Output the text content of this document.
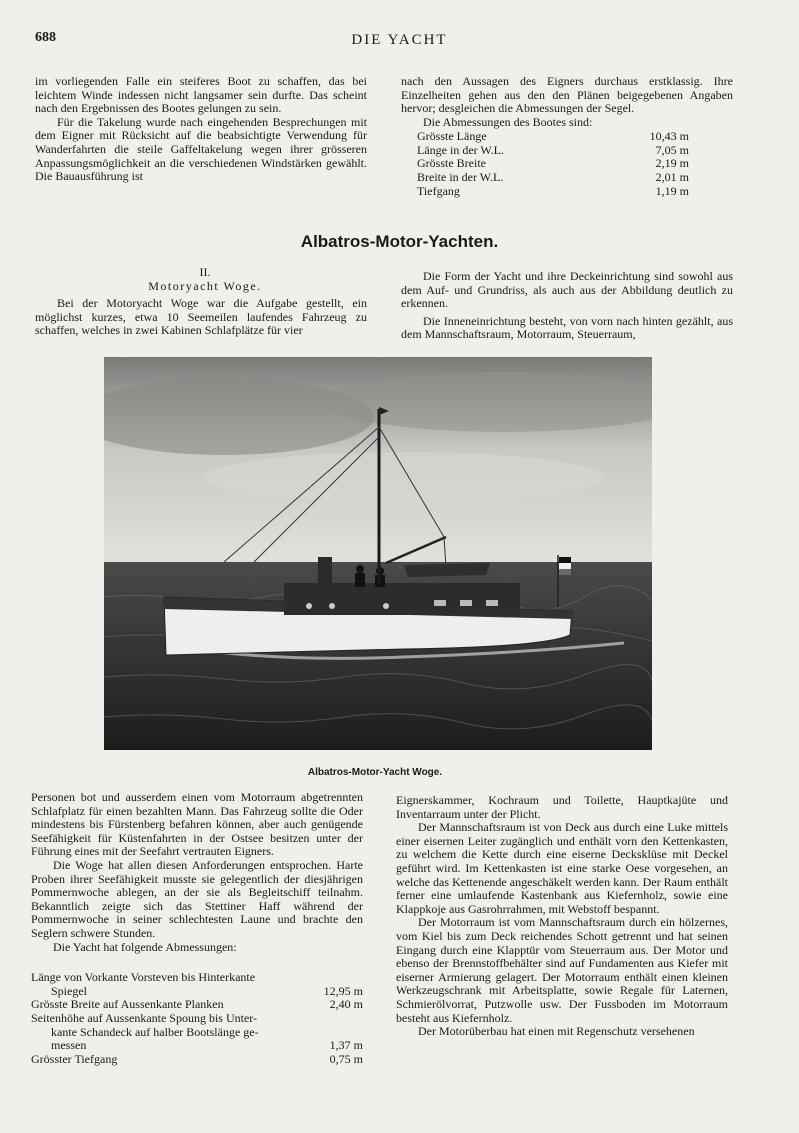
688	DIE YACHT

im vorliegenden Falle ein steiferes Boot zu schaffen, das bei leichtem Winde indessen nicht langsamer sein durfte. Das scheint nach den Ergebnissen des Bootes gelungen zu sein.

Für die Takelung wurde nach eingehenden Besprechungen mit dem Eigner mit Rücksicht auf die beabsichtigte Verwendung für Wanderfahrten die steile Gaffeltakelung wegen ihrer grösseren Anpassungsmöglichkeit an die verschiedenen Windstärken gewählt. Die Bauausführung ist

nach den Aussagen des Eigners durchaus erstklassig. Ihre Einzelheiten gehen aus den den Plänen beigegebenen Angaben hervor; desgleichen die Abmessungen der Segel.

Die Abmessungen des Bootes sind:

Grösste Länge	10,43 m
Länge in der W.L.	7,05 m
Grösste Breite	2,19 m
Breite in der W.L.	2,01 m
Tiefgang	1,19 m
Albatros-Motor-Yachten.
II.
Motoryacht Woge.

Bei der Motoryacht Woge war die Aufgabe gestellt, ein möglichst kurzes, etwa 10 Seemeilen laufendes Fahrzeug zu schaffen, welches in zwei Kabinen Schlafplätze für vier

Die Form der Yacht und ihre Deckeinrichtung sind sowohl aus dem Auf- und Grundriss, als auch aus der Abbildung deutlich zu erkennen.

Die Inneneinrichtung besteht, von vorn nach hinten gezählt, aus dem Mannschaftsraum, Motorraum, Steuerraum,

Albatros-Motor-Yacht Woge.

Personen bot und ausserdem einen vom Motorraum abgetrennten Schlafplatz für einen bezahlten Mann. Das Fahrzeug sollte die Oder mindestens bis Fürstenberg befahren können, aber auch genügende Seefähigkeit für Küstenfahrten in der Ostsee besitzen unter der Führung eines mit der Seefahrt vertrauten Eigners.

Die Woge hat allen diesen Anforderungen entsprochen. Harte Proben ihrer Seefähigkeit musste sie gelegentlich der diesjährigen Pommernwoche ablegen, an der sie als Begleitschiff teilnahm. Bekanntlich zeigte sich das Stettiner Haff während der Pommernwoche in seiner schlechtesten Laune und brachte den Seglern schwere Stunden.

Die Yacht hat folgende Abmessungen:

Länge von Vorkante Vorsteven bis Hinterkante
Spiegel	12,95 m
Grösste Breite auf Aussenkante Planken	2,40 m
Seitenhöhe auf Aussenkante Spoung bis Unter-
kante Schandeck auf halber Bootslänge ge-
messen	1,37 m
Grösster Tiefgang	0,75 m

Eignerskammer, Kochraum und Toilette, Hauptkajüte und Inventarraum unter der Plicht.

Der Mannschaftsraum ist von Deck aus durch eine Luke mittels einer eisernen Leiter zugänglich und enthält vorn den Kettenkasten, zu welchem die Kette durch eine eiserne Decksklüse mit Deckel geführt wird. Im Kettenkasten ist eine starke Oese vorgesehen, an welche das Kettenende angeschäkelt werden kann. Der Raum enthält ferner eine umlaufende Kastenbank aus Kiefernholz, sowie eine Klappkoje aus Gasrohrrahmen, mit Webstoff bespannt.

Der Motorraum ist vom Mannschaftsraum durch ein hölzernes, vom Kiel bis zum Deck reichendes Schott getrennt und hat seinen Eingang durch eine Klapptür vom Steuerraum aus. Der Motor und ebenso der Brennstoffbehälter sind auf Fundamenten aus Kiefer mit eiserner Armierung gelagert. Der Motorraum enthält einen kleinen Werkzeugschrank mit Arbeitsplatte, sowie Regale für Laternen, Schmierölvorrat, Putzwolle usw. Der Fussboden im Motorraum besteht aus Kiefernholz.

Der Motorüberbau hat einen mit Regenschutz versehenen
